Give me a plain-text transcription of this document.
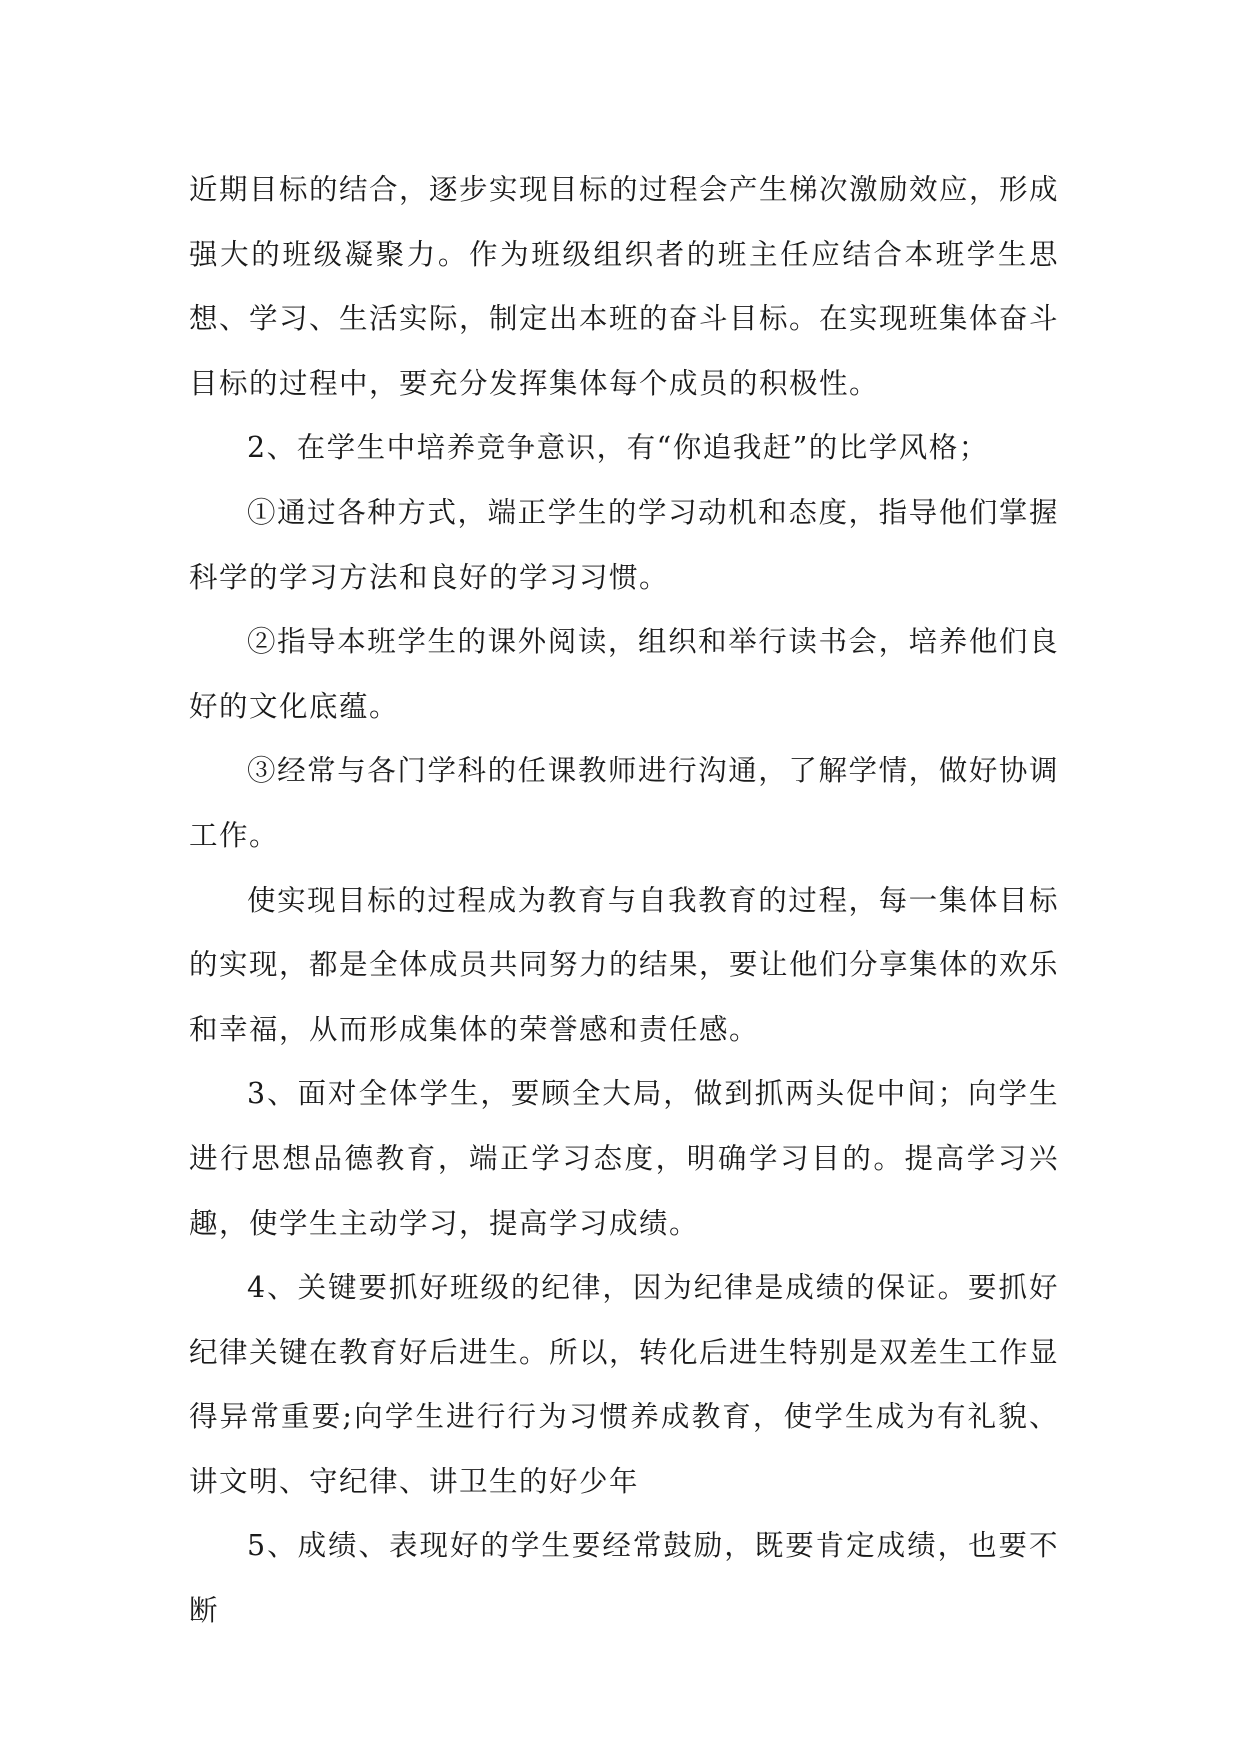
近期目标的结合，逐步实现目标的过程会产生梯次激励效应，形成强大的班级凝聚力。作为班级组织者的班主任应结合本班学生思想、学习、生活实际，制定出本班的奋斗目标。在实现班集体奋斗目标的过程中，要充分发挥集体每个成员的积极性。

2、在学生中培养竞争意识，有“你追我赶”的比学风格；

①通过各种方式，端正学生的学习动机和态度，指导他们掌握科学的学习方法和良好的学习习惯。

②指导本班学生的课外阅读，组织和举行读书会，培养他们良好的文化底蕴。

③经常与各门学科的任课教师进行沟通，了解学情，做好协调工作。

使实现目标的过程成为教育与自我教育的过程，每一集体目标的实现，都是全体成员共同努力的结果，要让他们分享集体的欢乐和幸福，从而形成集体的荣誉感和责任感。

3、面对全体学生，要顾全大局，做到抓两头促中间；向学生进行思想品德教育，端正学习态度，明确学习目的。提高学习兴趣，使学生主动学习，提高学习成绩。

4、关键要抓好班级的纪律，因为纪律是成绩的保证。要抓好纪律关键在教育好后进生。所以，转化后进生特别是双差生工作显得异常重要;向学生进行行为习惯养成教育，使学生成为有礼貌、讲文明、守纪律、讲卫生的好少年

5、成绩、表现好的学生要经常鼓励，既要肯定成绩，也要不断
